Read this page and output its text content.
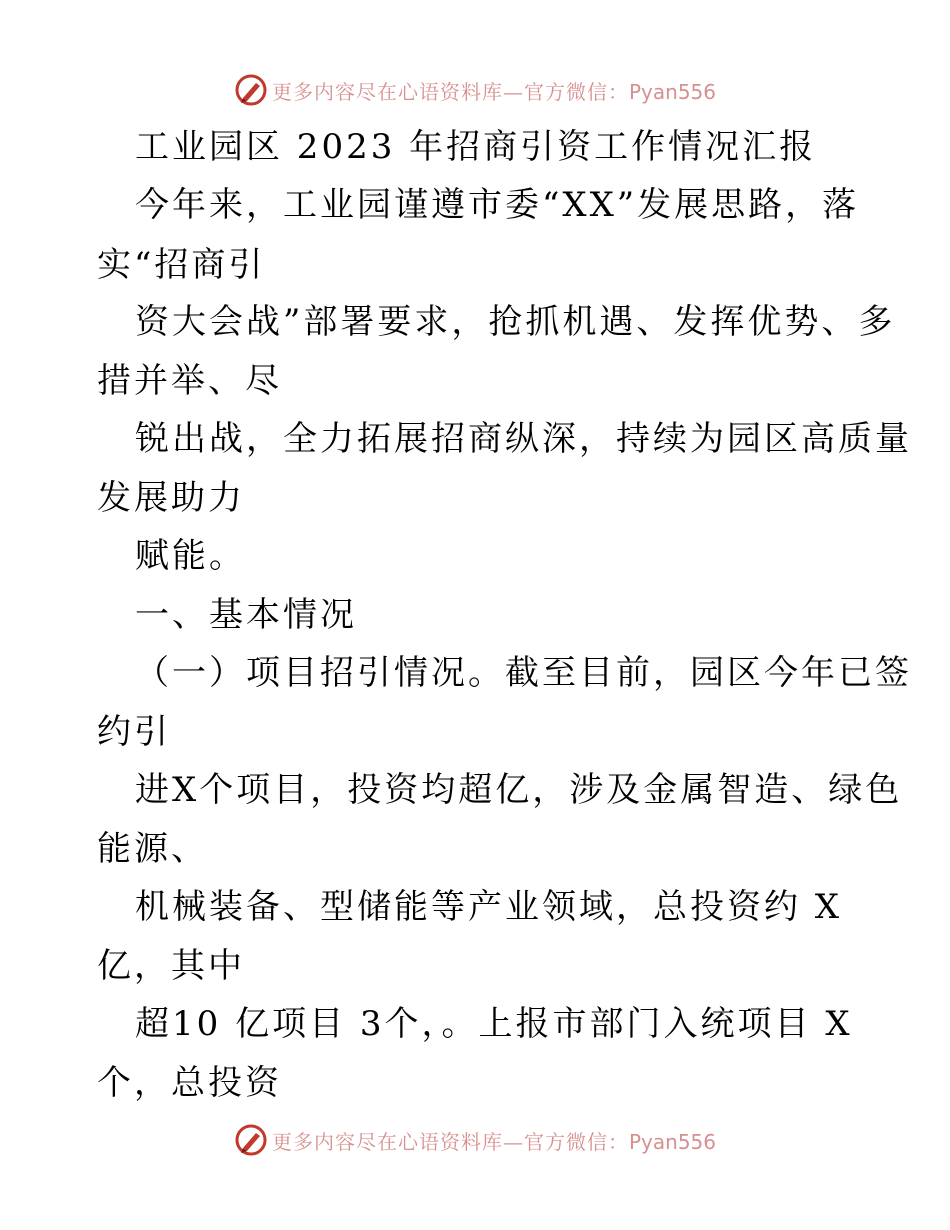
更多内容尽在心语资料库—官方微信：Pyan556
工业园区 2023 年招商引资工作情况汇报
今年来，工业园谨遵市委“XX”发展思路，落
实“招商引
资大会战”部署要求，抢抓机遇、发挥优势、多
措并举、尽
锐出战，全力拓展招商纵深，持续为园区高质量
发展助力
赋能。
一、基本情况
（一）项目招引情况。截至目前，园区今年已签
约引
进X个项目，投资均超亿，涉及金属智造、绿色
能源、
机械装备、型储能等产业领域，总投资约 X
亿，其中
超10 亿项目 3个，。上报市部门入统项目 X
个，总投资
更多内容尽在心语资料库—官方微信：Pyan556
